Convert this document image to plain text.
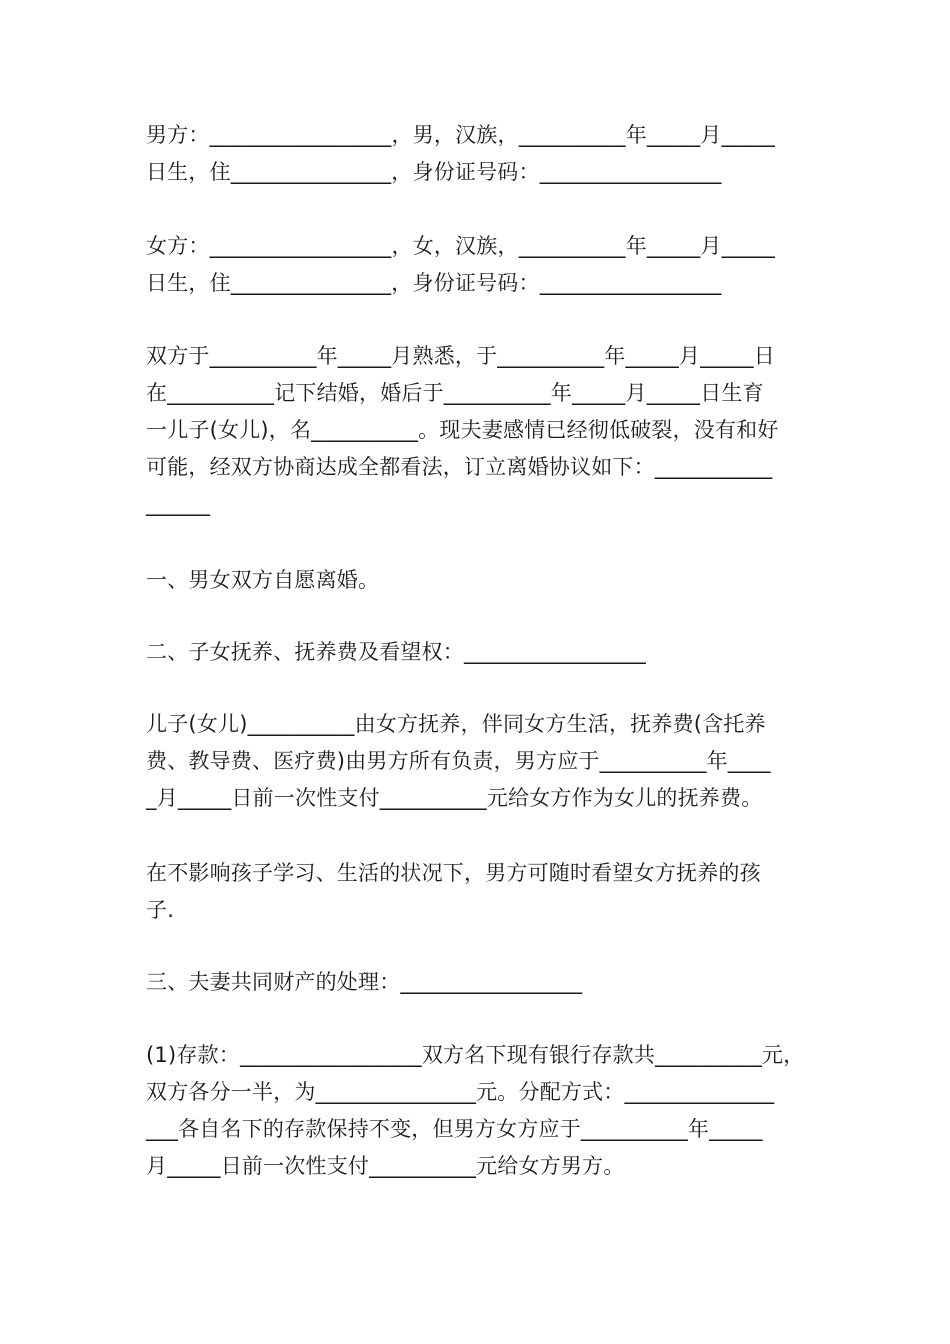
男方：_________________，男，汉族，__________年_____月_____
日生，住_______________，身份证号码：_________________
女方：_________________，女，汉族，__________年_____月_____
日生，住_______________，身份证号码：_________________
双方于__________年_____月熟悉，于__________年_____月_____日
在__________记下结婚，婚后于__________年_____月_____日生育
一儿子(女儿)，名__________。现夫妻感情已经彻低破裂，没有和好
可能，经双方协商达成全都看法，订立离婚协议如下：___________
______
一、男女双方自愿离婚。
二、子女抚养、抚养费及看望权：_________________
儿子(女儿)__________由女方抚养，伴同女方生活，抚养费(含托养
费、教导费、医疗费)由男方所有负责，男方应于__________年____
_月_____日前一次性支付__________元给女方作为女儿的抚养费。
在不影响孩子学习、生活的状况下，男方可随时看望女方抚养的孩
子.
三、夫妻共同财产的处理：_________________
(1)存款：_________________双方名下现有银行存款共__________元，
双方各分一半，为_______________元。分配方式：______________
___各自名下的存款保持不变，但男方女方应于__________年_____
月_____日前一次性支付__________元给女方男方。
